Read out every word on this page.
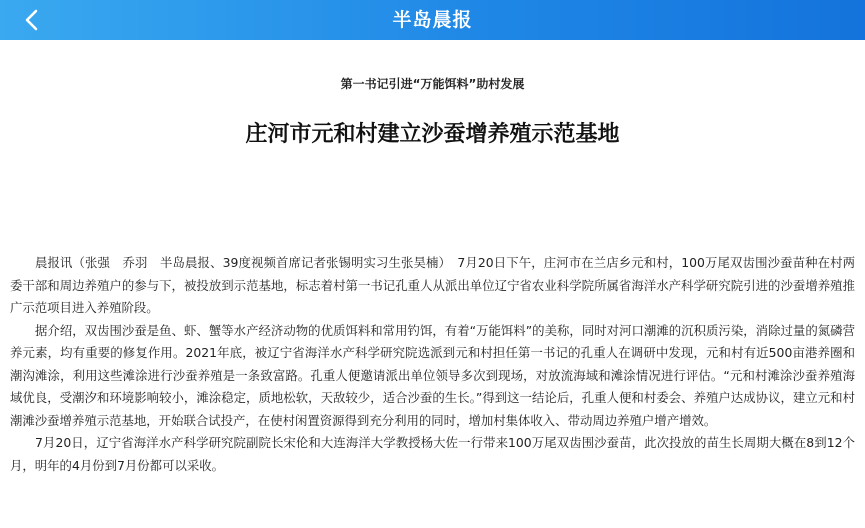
半岛晨报
第一书记引进“万能饵料”助村发展
庄河市元和村建立沙蚕增养殖示范基地

晨报讯（张强　乔羽　半岛晨报、39度视频首席记者张锡明实习生张昊楠）　7月20日下午，庄河市在兰店乡元和村，100万尾双齿围沙蚕苗种在村两委干部和周边养殖户的参与下，被投放到示范基地，标志着村第一书记孔重人从派出单位辽宁省农业科学院所属省海洋水产科学研究院引进的沙蚕增养殖推广示范项目进入养殖阶段。

据介绍，双齿围沙蚕是鱼、虾、蟹等水产经济动物的优质饵料和常用钓饵，有着“万能饵料”的美称，同时对河口潮滩的沉积质污染，消除过量的氮磷营养元素，均有重要的修复作用。2021年底，被辽宁省海洋水产科学研究院选派到元和村担任第一书记的孔重人在调研中发现，元和村有近500亩港养圈和潮沟滩涂，利用这些滩涂进行沙蚕养殖是一条致富路。孔重人便邀请派出单位领导多次到现场，对放流海域和滩涂情况进行评估。“元和村滩涂沙蚕养殖海域优良，受潮汐和环境影响较小，滩涂稳定，质地松软，天敌较少，适合沙蚕的生长。”得到这一结论后，孔重人便和村委会、养殖户达成协议，建立元和村潮滩沙蚕增养殖示范基地，开始联合试投产，在使村闲置资源得到充分利用的同时，增加村集体收入、带动周边养殖户增产增效。

7月20日，辽宁省海洋水产科学研究院副院长宋伦和大连海洋大学教授杨大佐一行带来100万尾双齿围沙蚕苗，此次投放的苗生长周期大概在8到12个月，明年的4月份到7月份都可以采收。
